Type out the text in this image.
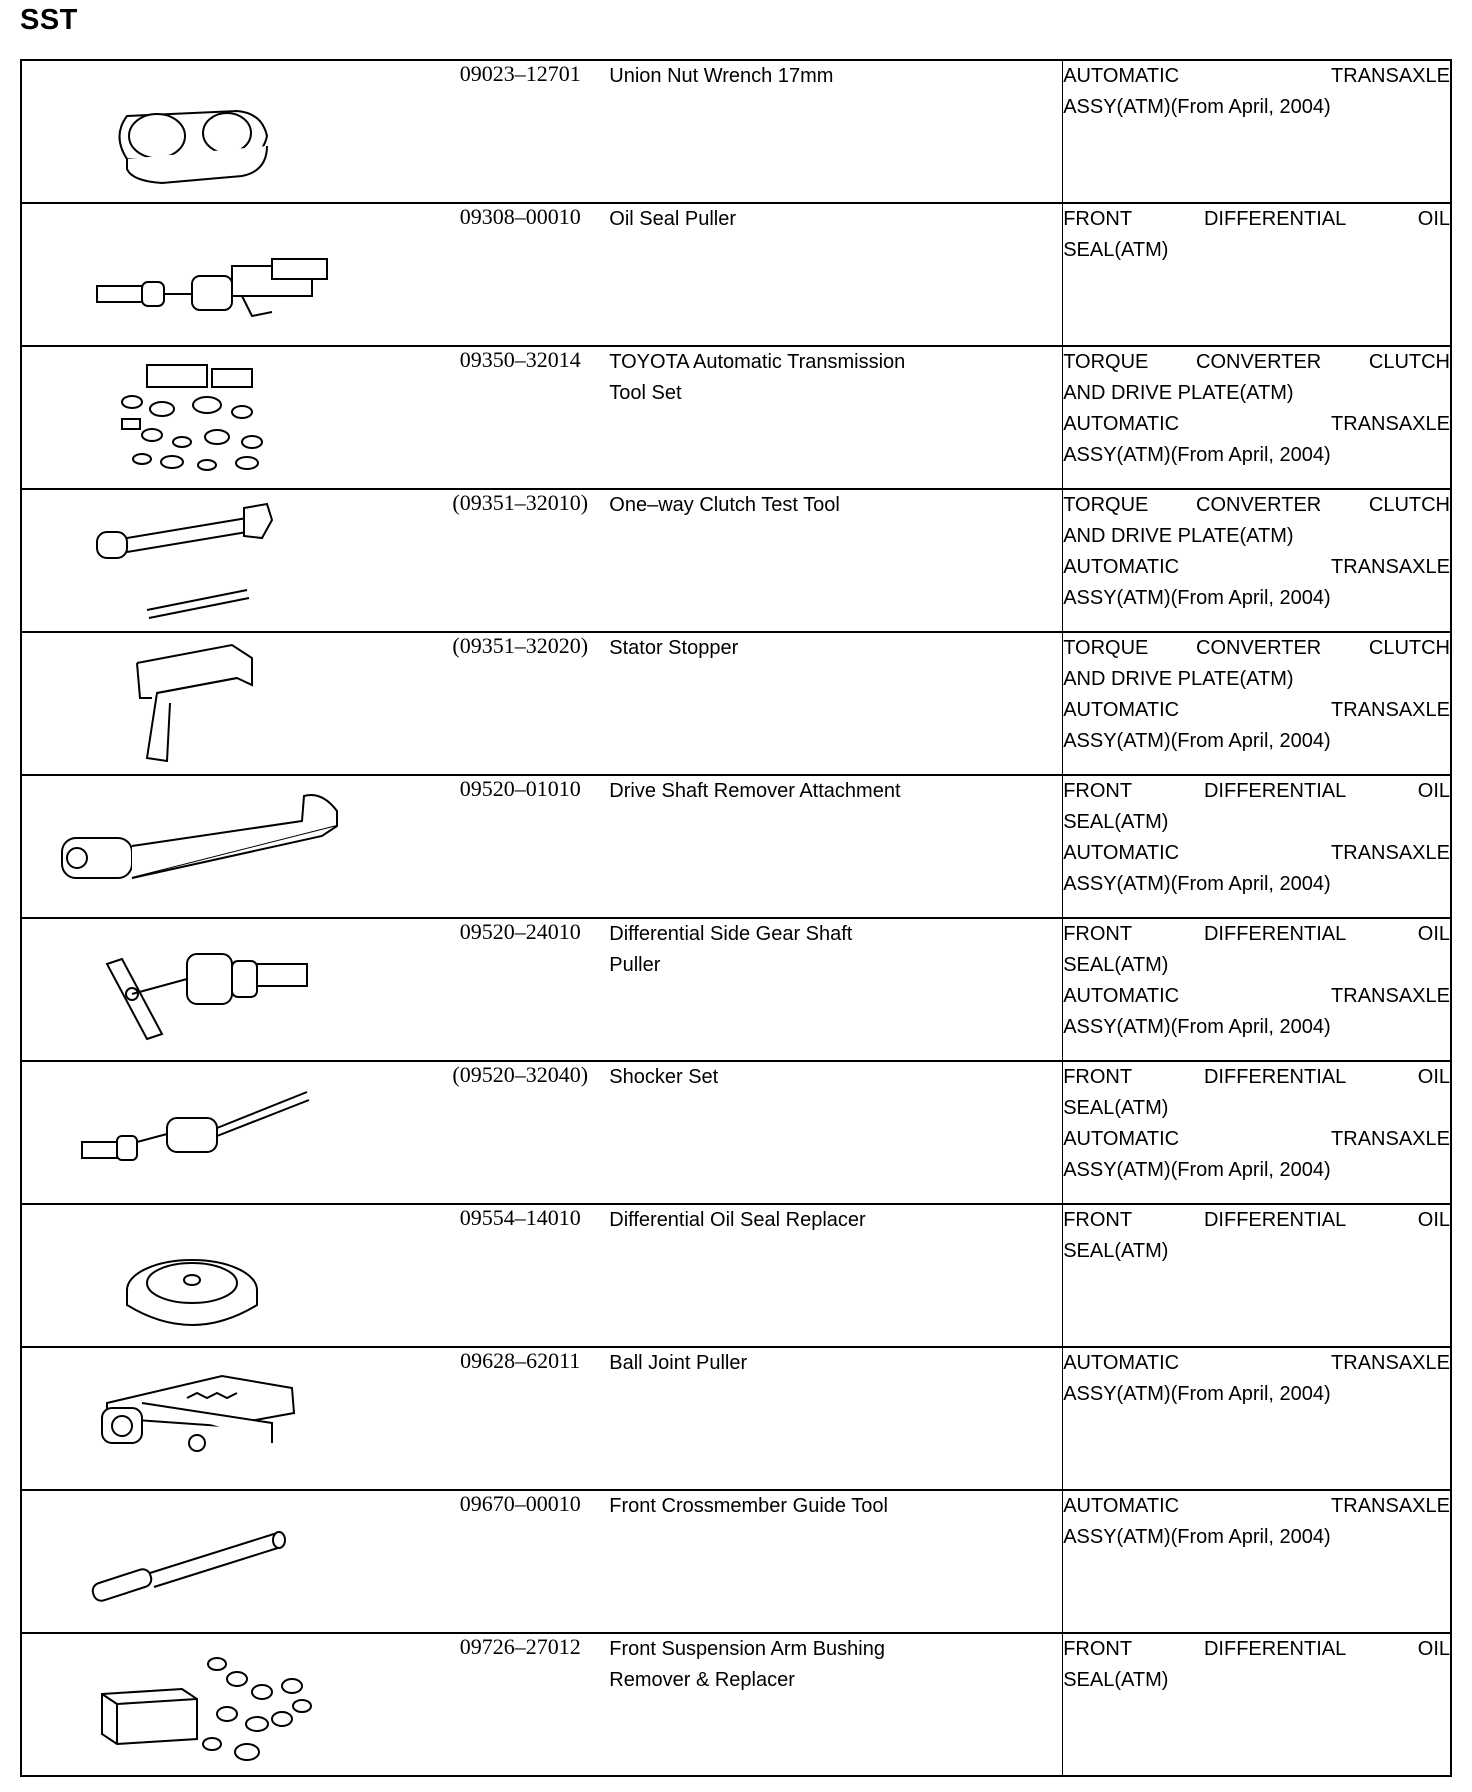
SST
	09023–12701	Union Nut Wrench 17mm	AUTOMATIC TRANSAXLE
ASSY(ATM)(From April, 2004)

	09308–00010	Oil Seal Puller	FRONT DIFFERENTIAL OIL
SEAL(ATM)

	09350–32014	TOYOTA Automatic Transmission
Tool Set	TORQUE CONVERTER CLUTCH
AND DRIVE PLATE(ATM)
AUTOMATIC TRANSAXLE
ASSY(ATM)(From April, 2004)

	(09351–32010)	One–way Clutch Test Tool	TORQUE CONVERTER CLUTCH
AND DRIVE PLATE(ATM)
AUTOMATIC TRANSAXLE
ASSY(ATM)(From April, 2004)

	(09351–32020)	Stator Stopper	TORQUE CONVERTER CLUTCH
AND DRIVE PLATE(ATM)
AUTOMATIC TRANSAXLE
ASSY(ATM)(From April, 2004)

	09520–01010	Drive Shaft Remover Attachment	FRONT DIFFERENTIAL OIL
SEAL(ATM)
AUTOMATIC TRANSAXLE
ASSY(ATM)(From April, 2004)

	09520–24010	Differential Side Gear Shaft
Puller	FRONT DIFFERENTIAL OIL
SEAL(ATM)
AUTOMATIC TRANSAXLE
ASSY(ATM)(From April, 2004)

	(09520–32040)	Shocker Set	FRONT DIFFERENTIAL OIL
SEAL(ATM)
AUTOMATIC TRANSAXLE
ASSY(ATM)(From April, 2004)

	09554–14010	Differential Oil Seal Replacer	FRONT DIFFERENTIAL OIL
SEAL(ATM)

	09628–62011	Ball Joint Puller	AUTOMATIC TRANSAXLE
ASSY(ATM)(From April, 2004)

	09670–00010	Front Crossmember Guide Tool	AUTOMATIC TRANSAXLE
ASSY(ATM)(From April, 2004)

	09726–27012	Front Suspension Arm Bushing
Remover & Replacer	FRONT DIFFERENTIAL OIL
SEAL(ATM)
